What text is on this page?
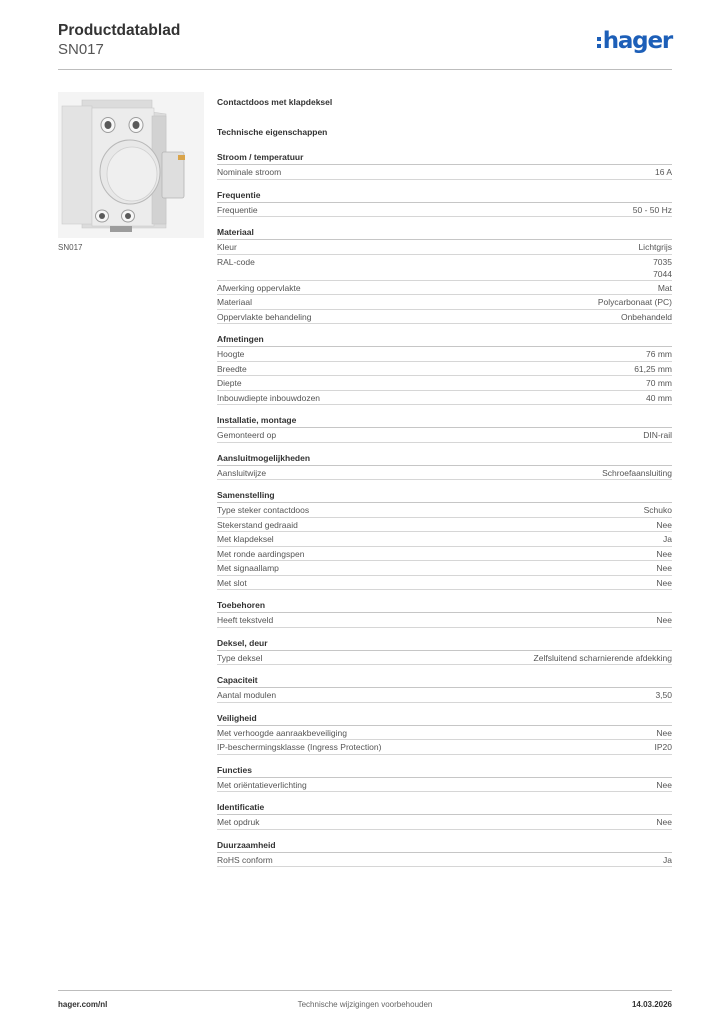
Productdatablad
SN017	hager
SN017
Contactdoos met klapdeksel
Technische eigenschappen
Stroom / temperatuur
Nominale stroom	16 A
Frequentie
Frequentie	50 - 50 Hz
Materiaal
Kleur	Lichtgrijs
RAL-code	7035
7044
Afwerking oppervlakte	Mat
Materiaal	Polycarbonaat (PC)
Oppervlakte behandeling	Onbehandeld
Afmetingen
Hoogte	76 mm
Breedte	61,25 mm
Diepte	70 mm
Inbouwdiepte inbouwdozen	40 mm
Installatie, montage
Gemonteerd op	DIN-rail
Aansluitmogelijkheden
Aansluitwijze	Schroefaansluiting
Samenstelling
Type steker contactdoos	Schuko
Stekerstand gedraaid	Nee
Met klapdeksel	Ja
Met ronde aardingspen	Nee
Met signaallamp	Nee
Met slot	Nee
Toebehoren
Heeft tekstveld	Nee
Deksel, deur
Type deksel	Zelfsluitend scharnierende afdekking
Capaciteit
Aantal modulen	3,50
Veiligheid
Met verhoogde aanraakbeveiliging	Nee
IP-beschermingsklasse (Ingress Protection)	IP20
Functies
Met oriëntatieverlichting	Nee
Identificatie
Met opdruk	Nee
Duurzaamheid
RoHS conform	Ja
hager.com/nl	Technische wijzigingen voorbehouden	14.03.2026
